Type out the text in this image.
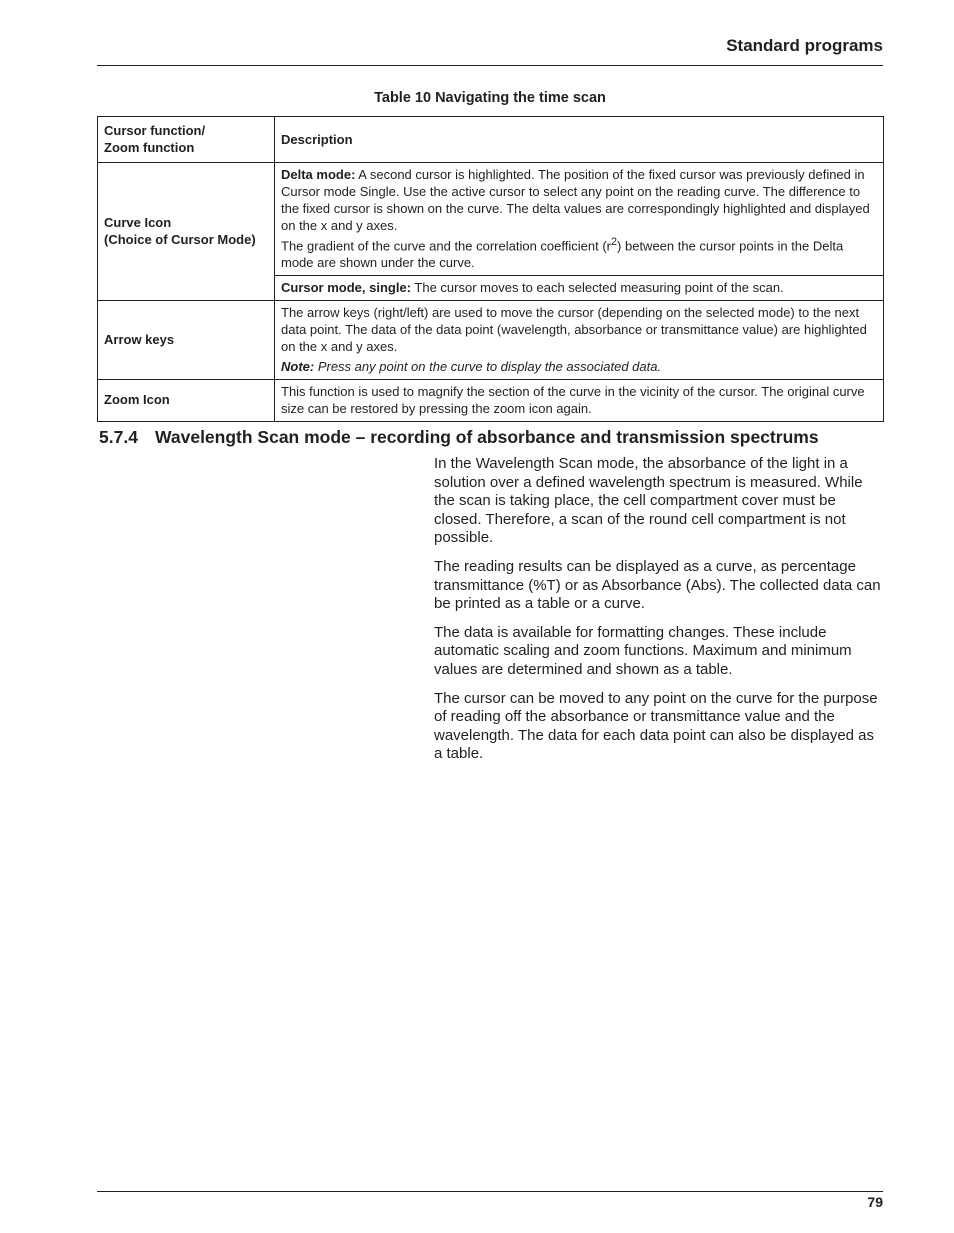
Standard programs
Table 10 Navigating the time scan
Cursor function/
Zoom function	Description
Curve Icon
(Choice of Cursor Mode)	Delta mode: A second cursor is highlighted. The position of the fixed cursor was previously defined in Cursor mode Single. Use the active cursor to select any point on the reading curve. The difference to the fixed cursor is shown on the curve. The delta values are correspondingly highlighted and displayed on the x and y axes.
The gradient of the curve and the correlation coefficient $(r^2)$ between the cursor points in the Delta mode are shown under the curve.
	Cursor mode, single: The cursor moves to each selected measuring point of the scan.
Arrow keys	The arrow keys (right/left) are used to move the cursor (depending on the selected mode) to the next data point. The data of the data point (wavelength, absorbance or transmittance value) are highlighted on the x and y axes.
Note: Press any point on the curve to display the associated data.

Zoom Icon	This function is used to magnify the section of the curve in the vicinity of the cursor. The original curve size can be restored by pressing the zoom icon again.
5.7.4 Wavelength Scan mode – recording of absorbance and transmission spectrums

In the Wavelength Scan mode, the absorbance of the light in a solution over a defined wavelength spectrum is measured. While the scan is taking place, the cell compartment cover must be closed. Therefore, a scan of the round cell compartment is not possible.

The reading results can be displayed as a curve, as percentage transmittance (%T) or as Absorbance (Abs). The collected data can be printed as a table or a curve.

The data is available for formatting changes. These include automatic scaling and zoom functions. Maximum and minimum values are determined and shown as a table.

The cursor can be moved to any point on the curve for the purpose of reading off the absorbance or transmittance value and the wavelength. The data for each data point can also be displayed as a table.

79
